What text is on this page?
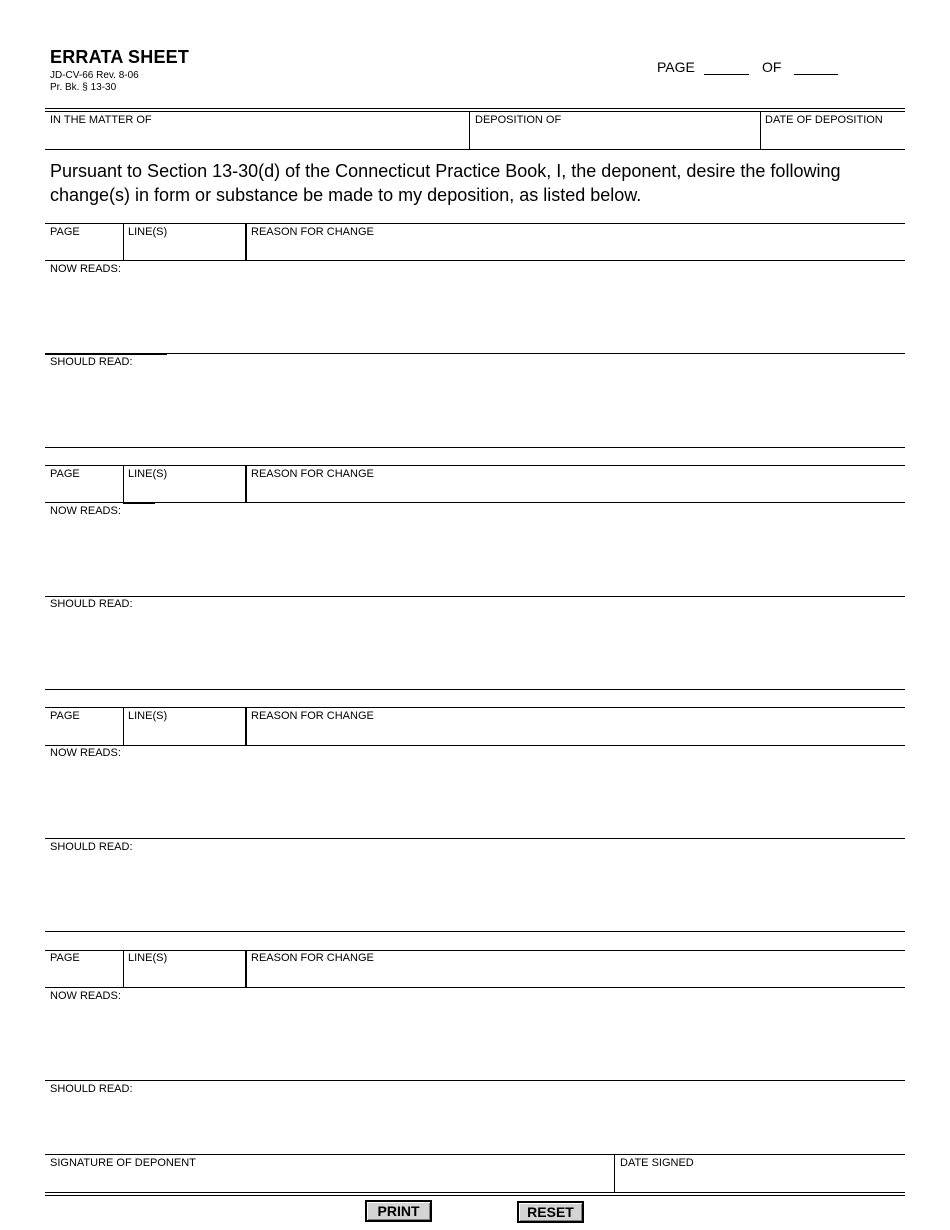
ERRATA SHEET
JD-CV-66 Rev. 8-06
Pr. Bk. § 13-30
PAGE	OF
IN THE MATTER OF	DEPOSITION OF	DATE OF DEPOSITION
Pursuant to Section 13-30(d) of the Connecticut Practice Book, I, the deponent, desire the following change(s) in form or substance be made to my deposition, as listed below.
PAGE	LINE(S)	REASON FOR CHANGE
NOW READS:
SHOULD READ:
PAGE	LINE(S)	REASON FOR CHANGE
NOW READS:
SHOULD READ:
PAGE	LINE(S)	REASON FOR CHANGE
NOW READS:
SHOULD READ:
PAGE	LINE(S)	REASON FOR CHANGE
NOW READS:
SHOULD READ:
SIGNATURE OF DEPONENT	DATE SIGNED
PRINT	RESET
